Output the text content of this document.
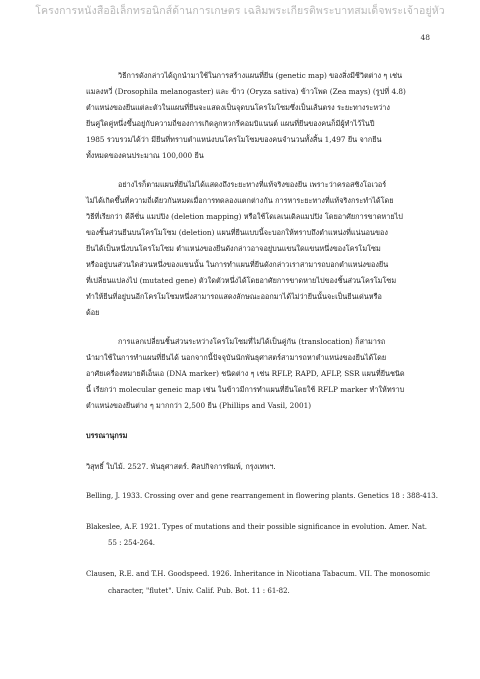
โครงการหนังสืออิเล็กทรอนิกส์ด้านการเกษตร เฉลิมพระเกียรติพระบาทสมเด็จพระเจ้าอยู่หัว
48
วิธีการดังกล่าวได้ถูกนำมาใช้ในการสร้างแผนที่ยีน (genetic map) ของสิ่งมีชีวิตต่าง ๆ เช่น
แมลงหวี่ (Drosophila melanogaster) และ ข้าว (Oryza sativa) ข้าวโพด (Zea mays) (รูปที่ 4.8)
ตำแหน่งของยีนแต่ละตัวในแผนที่ยีนจะแสดงเป็นจุดบนโครโมโซมซึ่งเป็นเส้นตรง ระยะทางระหว่าง
ยีนคู่ใดคู่หนึ่งขึ้นอยู่กับความถี่ของการเกิดลูกหวกรีคอมบิแนนต์ แผนที่ยีนของคนก็มีผู้ทำไว้ในปี
1985 รวบรวมได้ว่า มียีนที่ทราบตำแหน่งบนโครโมโซมของคนจำนวนทั้งสิ้น 1,497 ยีน จากยีน
ทั้งหมดของคนประมาณ 100,000 ยีน
อย่างไรก็ตามแผนที่ยีนไม่ได้แสดงถึงระยะทางที่แท้จริงของยีน เพราะว่าครอสซิงโอเวอร์
ไม่ได้เกิดขึ้นที่ความถี่เดียวกันหมดเมื่อการทดลองแตกต่างกัน การหาระยะทางที่แท้จริงกระทำได้โดย
วิธีที่เรียกว่า ดีลีชั่น แมปปิง (deletion mapping) หรือใช้โดเลเนเดิลแมปปิง โดยอาศัยการขาดหายไป
ของชิ้นส่วนยีนบนโครโมโซม (deletion) แผนที่ยีนแบบนี้จะบอกให้ทราบถึงตำแหน่งที่แน่นอนของ
ยีนได้เป็นหนึ่งบนโครโมโซม ตำแหน่งของยีนดังกล่าวอาจอยู่บนแขนใดแขนหนึ่งของโครโมโซม
หรืออยู่บนส่วนใดส่วนหนึ่งของแขนนั้น ในการทำแผนที่ยีนดังกล่าวเราสามารถบอกตำแหน่งของยีน
ที่เปลี่ยนแปลงไป (mutated gene) ตัวใดตัวหนึ่งได้โดยอาศัยการขาดหายไปของชิ้นส่วนโครโมโซม
ทำให้ยีนที่อยู่บนอีกโครโมโซมหนึ่งสามารถแสดงลักษณะออกมาได้ไม่ว่ายีนนั้นจะเป็นยีนเด่นหรือ
ด้อย
การแลกเปลี่ยนชิ้นส่วนระหว่างโครโมโซมที่ไม่ได้เป็นคู่กัน (translocation) ก็สามารถ
นำมาใช้ในการทำแผนที่ยีนได้ นอกจากนี้ปัจจุบันนักพันธุศาสตร์สามารถหาตำแหน่งของยีนได้โดย
อาศัยเครื่องหมายดีเอ็นเอ (DNA marker) ชนิดต่าง ๆ เช่น RFLP, RAPD, AFLP, SSR แผนที่ยีนชนิด
นี้ เรียกว่า molecular geneic map เช่น ในข้าวมีการทำแผนที่ยีนโดยใช้ RFLP marker ทำให้ทราบ
ตำแหน่งของยีนต่าง ๆ มากกว่า 2,500 ยีน (Phillips and Vasil, 2001)
บรรณานุกรม
วิสุทธิ์ ใบไม้. 2527. พันธุศาสตร์. ศิลปกิจการพิมพ์, กรุงเทพฯ.
Belling, J. 1933. Crossing over and gene rearrangement in flowering plants. Genetics 18 : 388-413.
Blakeslee, A.F. 1921. Types of mutations and their possible significance in evolution. Amer. Nat.
55 : 254-264.
Clausen, R.E. and T.H. Goodspeed. 1926. Inheritance in Nicotiana Tabacum. VII. The monosomic
character, "flutet". Univ. Calif. Pub. Bot. 11 : 61-82.
